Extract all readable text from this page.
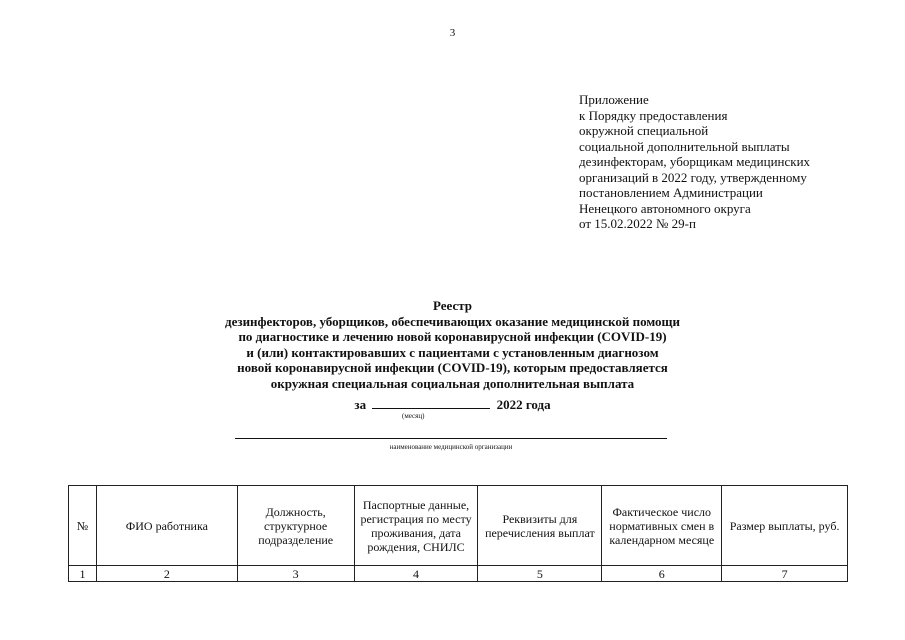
3
Приложение
к Порядку предоставления
окружной специальной
социальной дополнительной выплаты
дезинфекторам, уборщикам медицинских
организаций в 2022 году, утвержденному
постановлением Администрации
Ненецкого автономного округа
от 15.02.2022 № 29-п
Реестр
дезинфекторов, уборщиков, обеспечивающих оказание медицинской помощи
по диагностике и лечению новой коронавирусной инфекции (COVID-19)
и (или) контактировавших с пациентами с установленным диагнозом
новой коронавирусной инфекции (COVID-19), которым предоставляется
окружная специальная социальная дополнительная выплата
за	2022 года
(месяц)
наименование медицинской организации
№	ФИО работника	Должность, структурное подразделение	Паспортные данные, регистрация по месту проживания, дата рождения, СНИЛС	Реквизиты для перечисления выплат	Фактическое число нормативных смен в календарном месяце	Размер выплаты, руб.
1	2	3	4	5	6	7
